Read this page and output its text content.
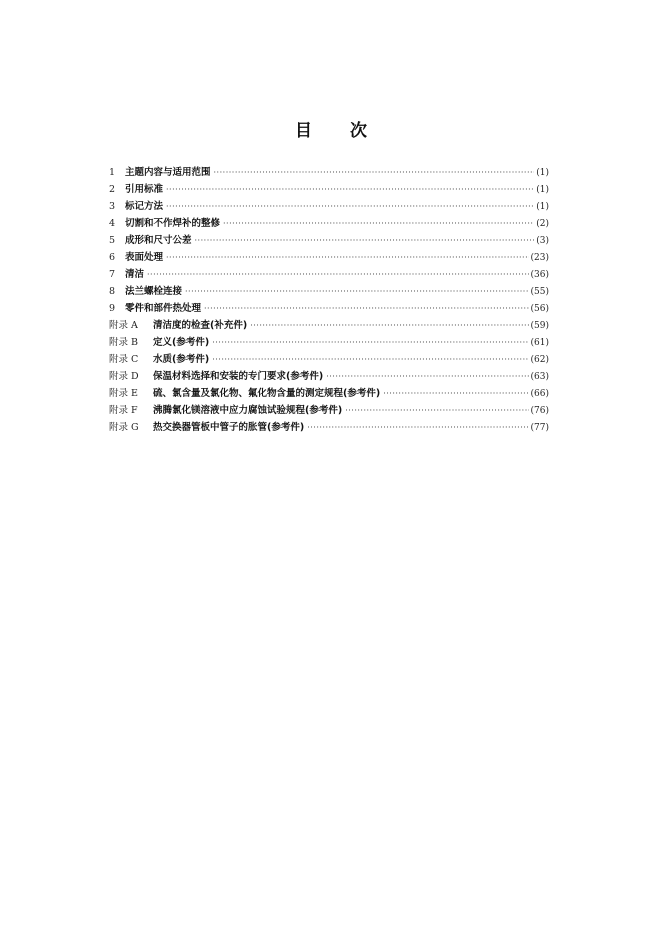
目 次
1	主题内容与适用范围 ·····	(1)
2	引用标准 ·····	(1)
3	标记方法 ·····	(1)
4	切割和不作焊补的整修 ·····	(2)
5	成形和尺寸公差 ·····	(3)
6	表面处理 ·····	(23)
7	清洁 ·····	(36)
8	法兰螺栓连接 ·····	(55)
9	零件和部件热处理 ·····	(56)
附录 A	清洁度的检查(补充件) ·····	(59)
附录 B	定义(参考件) ·····	(61)
附录 C	水质(参考件) ·····	(62)
附录 D	保温材料选择和安装的专门要求(参考件) ·····	(63)
附录 E	硫、氯含量及氯化物、氟化物含量的测定规程(参考件) ·····	(66)
附录 F	沸腾氯化镁溶液中应力腐蚀试验规程(参考件) ·····	(76)
附录 G	热交换器管板中管子的胀管(参考件) ·····	(77)
